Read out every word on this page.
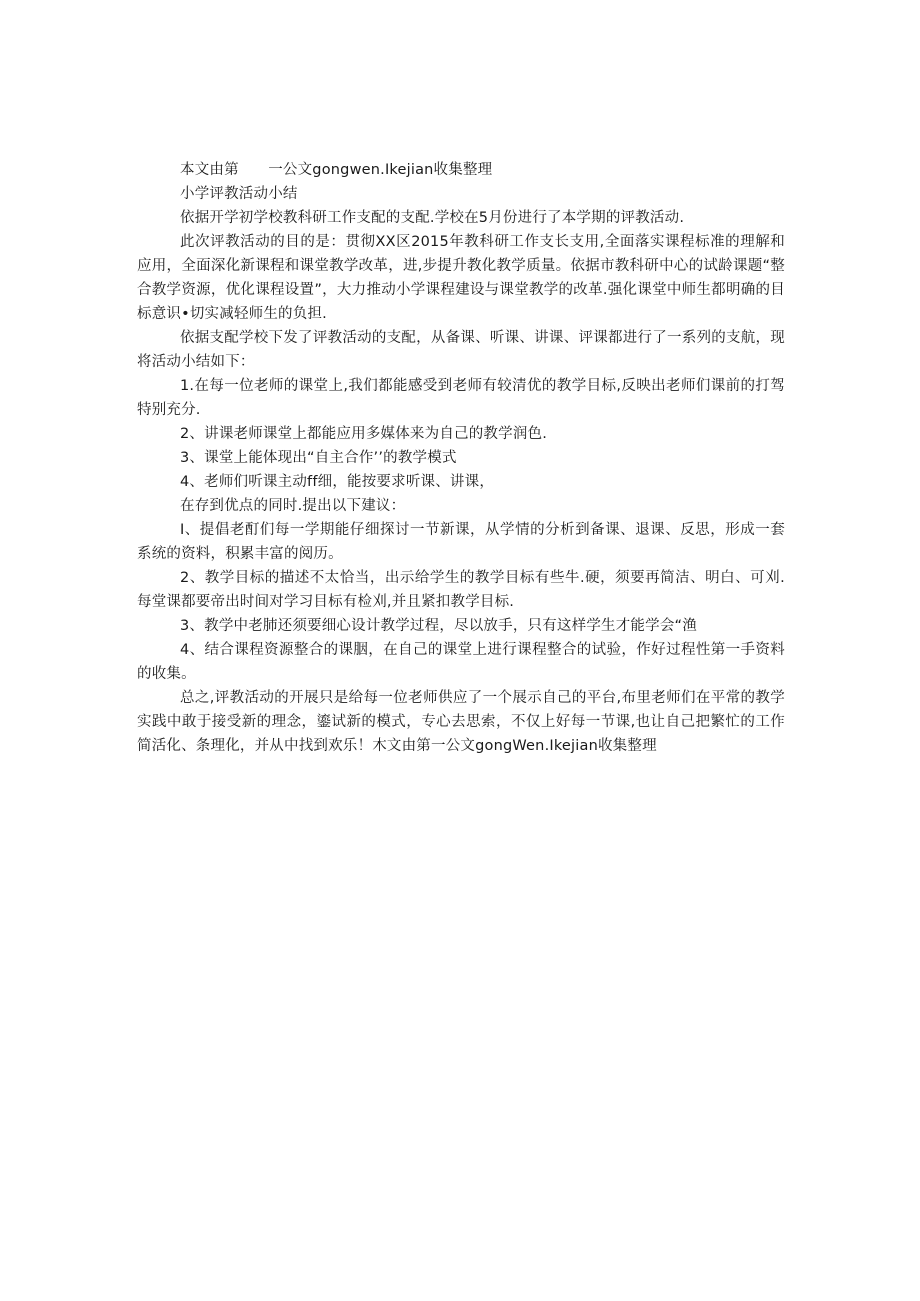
本文由第　　一公文gongwen.Ikejian收集整理

小学评教活动小结

依据开学初学校教科研工作支配的支配.学校在5月份进行了本学期的评教活动.

此次评教活动的目的是：贯彻XX区2015年教科研工作支长支用,全面落实课程标准的理解和应用，全面深化新课程和课堂教学改革，进,步提升教化教学质量。依据市教科研中心的试龄课题“整合教学资源，优化课程设置”，大力推动小学课程建设与课堂教学的改革.强化课堂中师生都明确的目标意识•切实减轻师生的负担.

依据支配学校下发了评教活动的支配，从备课、听课、讲课、评课都进行了一系列的支航，现将活动小结如下：

1.在每一位老师的课堂上,我们都能感受到老师有较清优的教学目标,反映出老师们课前的打驾特别充分.

2、讲课老师课堂上都能应用多媒体来为自己的教学润色.

3、课堂上能体现出“自主合作’’的教学模式

4、老师们听课主动ff细，能按要求听课、讲课，

在存到优点的同时.提出以下建议：

I、提倡老酊们每一学期能仔细探讨一节新课，从学情的分析到备课、退课、反思，形成一套系统的资料，积累丰富的阅历。

2、教学目标的描述不太恰当，出示给学生的教学目标有些牛.硬，须要再简洁、明白、可刈.每堂课都要帝出时间对学习目标有检刈,并且紧扣教学目标.

3、教学中老肺还须要细心设计教学过程，尽以放手，只有这样学生才能学会“渔

4、结合课程资源整合的课胭，在自己的课堂上进行课程整合的试验，作好过程性第一手资料的收集。

总之,评教活动的开展只是给每一位老师供应了一个展示自己的平台,布里老师们在平常的教学实践中敢于接受新的理念，鎏试新的模式，专心去思索，不仅上好每一节课,也让自己把繁忙的工作简活化、条理化，并从中找到欢乐！木文由第一公文gongWen.Ikejian收集整理
